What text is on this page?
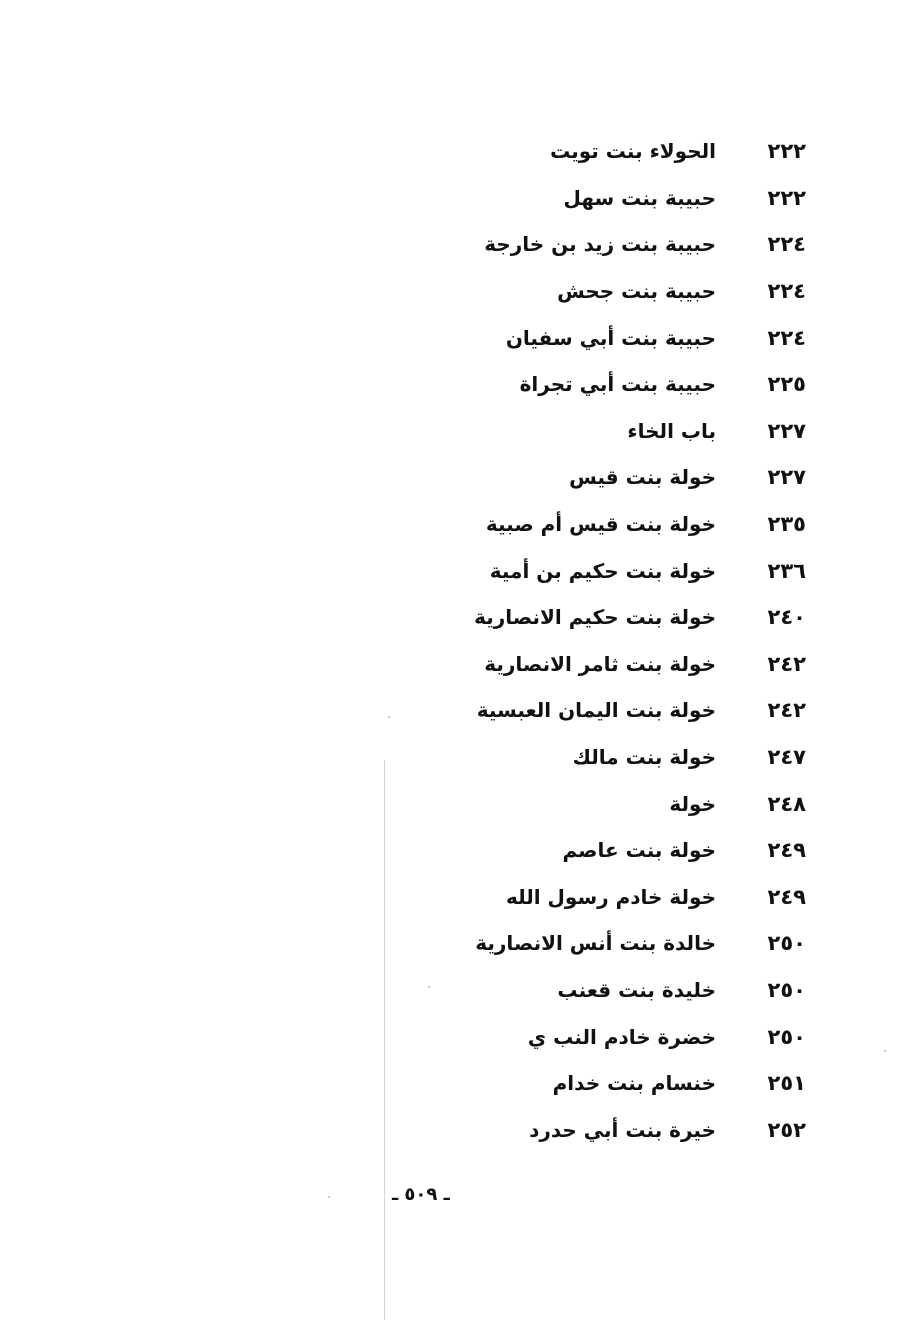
٢٢٢
الحولاء بنت تويت
٢٢٢
حبيبة بنت سهل
٢٢٤
حبيبة بنت زيد بن خارجة
٢٢٤
حبيبة بنت جحش
٢٢٤
حبيبة بنت أبي سفيان
٢٢٥
حبيبة بنت أبي تجراة
٢٢٧
باب الخاء
٢٢٧
خولة بنت قيس
٢٣٥
خولة بنت قيس أم صبية
٢٣٦
خولة بنت حكيم بن أمية
٢٤٠
خولة بنت حكيم الانصارية
٢٤٢
خولة بنت ثامر الانصارية
٢٤٢
خولة بنت اليمان العبسية
٢٤٧
خولة بنت مالك
٢٤٨
خولة
٢٤٩
خولة بنت عاصم
٢٤٩
خولة خادم رسول الله
٢٥٠
خالدة بنت أنس الانصارية
٢٥٠
خليدة بنت قعنب
٢٥٠
خضرة خادم النب ي
٢٥١
خنسام بنت خدام
٢٥٢
خيرة بنت أبي حدرد
ـ ٥٠٩ ـ
